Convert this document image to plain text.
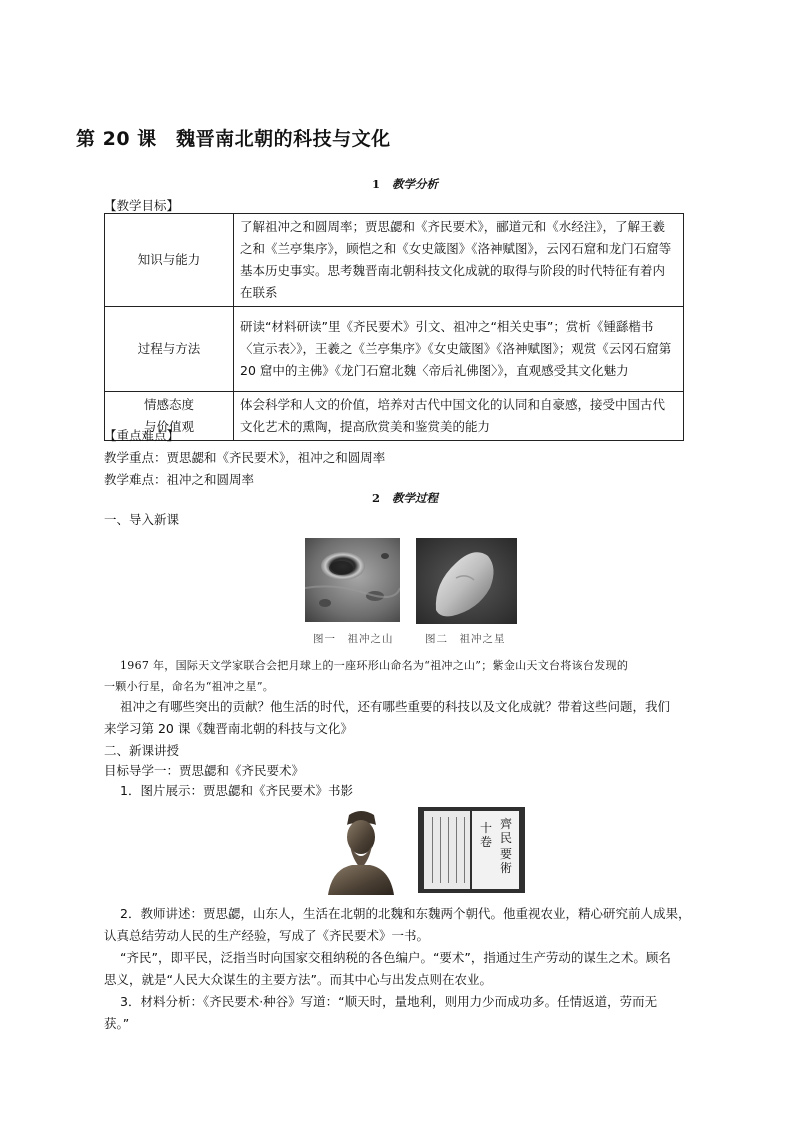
第 20 课　魏晋南北朝的科技与文化
1 教学分析
【教学目标】
知识与能力	了解祖冲之和圆周率；贾思勰和《齐民要术》，郦道元和《水经注》，了解王羲之和《兰亭集序》，顾恺之和《女史箴图》《洛神赋图》，云冈石窟和龙门石窟等基本历史事实。思考魏晋南北朝科技文化成就的取得与阶段的时代特征有着内在联系
过程与方法	研读“材料研读”里《齐民要术》引文、祖冲之“相关史事”；赏析《锺繇楷书〈宣示表〉》，王羲之《兰亭集序》《女史箴图》《洛神赋图》；观赏《云冈石窟第 20 窟中的主佛》《龙门石窟北魏〈帝后礼佛图〉》，直观感受其文化魅力

情感态度
与价值观	体会科学和人文的价值，培养对古代中国文化的认同和自豪感，接受中国古代文化艺术的熏陶，提高欣赏美和鉴赏美的能力
【重点难点】
教学重点：贾思勰和《齐民要术》，祖冲之和圆周率
教学难点：祖冲之和圆周率
2 教学过程
一、导入新课
图一　祖冲之山	图二　祖冲之星
1967 年，国际天文学家联合会把月球上的一座环形山命名为“祖冲之山”；紫金山天文台将该台发现的
一颗小行星，命名为“祖冲之星”。
祖冲之有哪些突出的贡献？他生活的时代，还有哪些重要的科技以及文化成就？带着这些问题，我们
来学习第 20 课《魏晋南北朝的科技与文化》
二、新课讲授
目标导学一：贾思勰和《齐民要术》
1．图片展示：贾思勰和《齐民要术》书影
齊民
要術
十卷
2．教师讲述：贾思勰，山东人，生活在北朝的北魏和东魏两个朝代。他重视农业，精心研究前人成果，
认真总结劳动人民的生产经验，写成了《齐民要术》一书。
“齐民”，即平民，泛指当时向国家交租纳税的各色编户。“要术”，指通过生产劳动的谋生之术。顾名
思义，就是“人民大众谋生的主要方法”。而其中心与出发点则在农业。
3．材料分析：《齐民要术·种谷》写道：“顺天时，量地利，则用力少而成功多。任情返道，劳而无
获。”
